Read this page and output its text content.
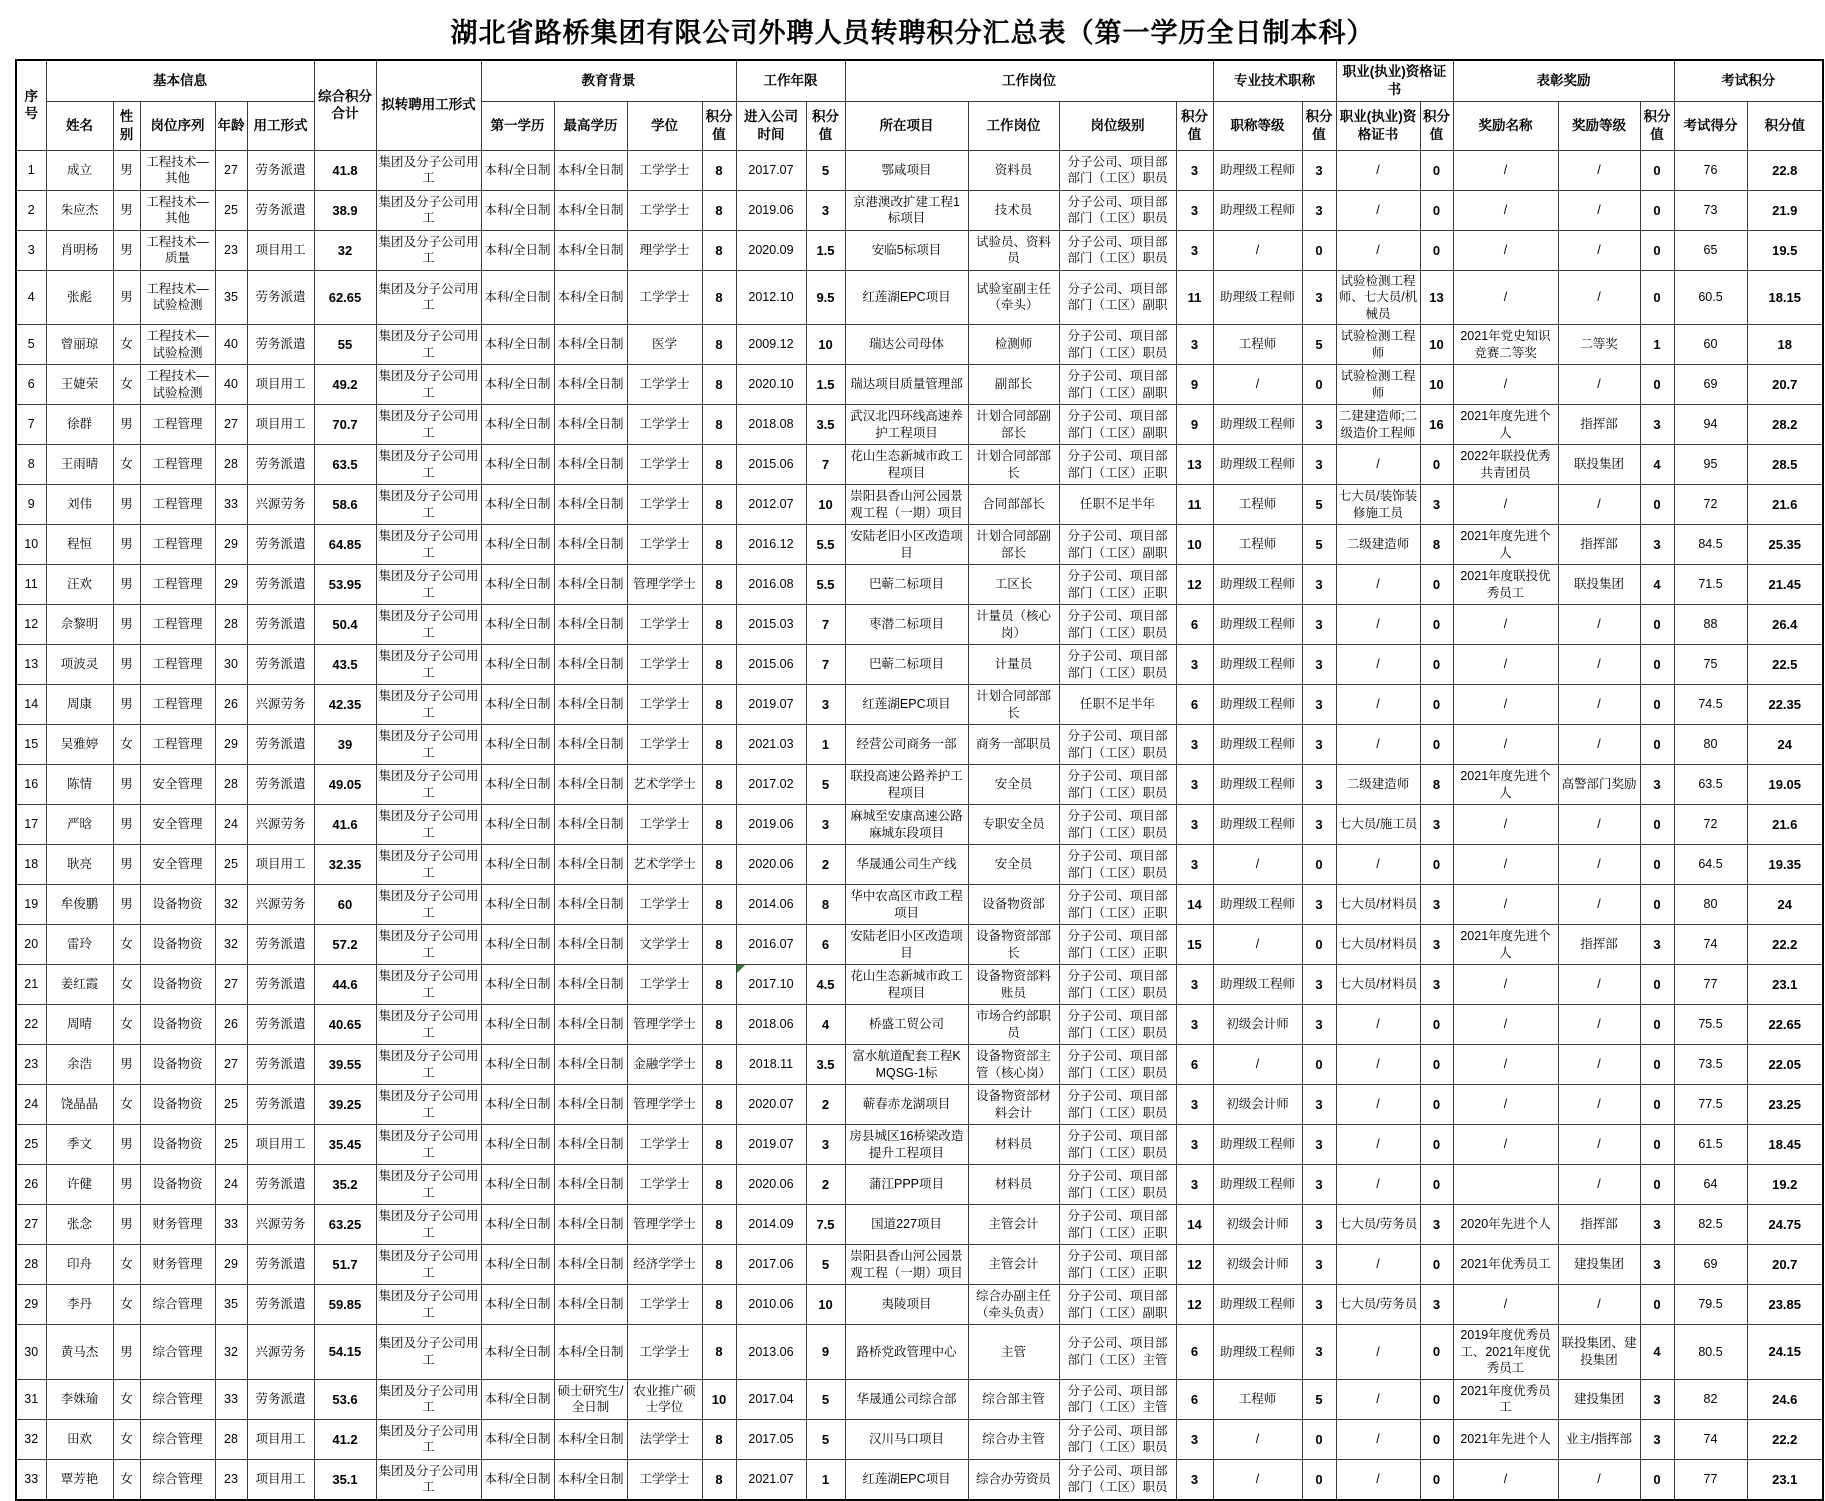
湖北省路桥集团有限公司外聘人员转聘积分汇总表（第一学历全日制本科）
序号	基本信息					综合积分合计	拟转聘用工形式	教育背景				工作年限		工作岗位				专业技术职称		职业(执业)资格证书		表彰奖励			考试积分	
	姓名	性别	岗位序列	年龄	用工形式			第一学历	最高学历	学位	积分值	进入公司时间	积分值	所在项目	工作岗位	岗位级别	积分值	职称等级	积分值	职业(执业)资格证书	积分值	奖励名称	奖励等级	积分值	考试得分	积分值
1	成立	男	工程技术—其他	27	劳务派遣	41.8	集团及分子公司用工	本科/全日制	本科/全日制	工学学士	8	2017.07	5	鄂咸项目	资料员	分子公司、项目部部门（工区）职员	3	助理级工程师	3	/	0	/	/	0	76	22.8
2	朱应杰	男	工程技术—其他	25	劳务派遣	38.9	集团及分子公司用工	本科/全日制	本科/全日制	工学学士	8	2019.06	3	京港澳改扩建工程1标项目	技术员	分子公司、项目部部门（工区）职员	3	助理级工程师	3	/	0	/	/	0	73	21.9
3	肖明杨	男	工程技术—质量	23	项目用工	32	集团及分子公司用工	本科/全日制	本科/全日制	理学学士	8	2020.09	1.5	安临5标项目	试验员、资料员	分子公司、项目部部门（工区）职员	3	/	0	/	0	/	/	0	65	19.5
4	张彪	男	工程技术—试验检测	35	劳务派遣	62.65	集团及分子公司用工	本科/全日制	本科/全日制	工学学士	8	2012.10	9.5	红莲湖EPC项目	试验室副主任（牵头）	分子公司、项目部部门（工区）副职	11	助理级工程师	3	试验检测工程师、七大员/机械员	13	/	/	0	60.5	18.15
5	曾丽琼	女	工程技术—试验检测	40	劳务派遣	55	集团及分子公司用工	本科/全日制	本科/全日制	医学	8	2009.12	10	瑞达公司母体	检测师	分子公司、项目部部门（工区）职员	3	工程师	5	试验检测工程师	10	2021年党史知识竞赛二等奖	二等奖	1	60	18
6	王婕荣	女	工程技术—试验检测	40	项目用工	49.2	集团及分子公司用工	本科/全日制	本科/全日制	工学学士	8	2020.10	1.5	瑞达项目质量管理部	副部长	分子公司、项目部部门（工区）副职	9	/	0	试验检测工程师	10	/	/	0	69	20.7
7	徐群	男	工程管理	27	项目用工	70.7	集团及分子公司用工	本科/全日制	本科/全日制	工学学士	8	2018.08	3.5	武汉北四环线高速养护工程项目	计划合同部副部长	分子公司、项目部部门（工区）副职	9	助理级工程师	3	二建建造师;二级造价工程师	16	2021年度先进个人	指挥部	3	94	28.2
8	王雨晴	女	工程管理	28	劳务派遣	63.5	集团及分子公司用工	本科/全日制	本科/全日制	工学学士	8	2015.06	7	花山生态新城市政工程项目	计划合同部部长	分子公司、项目部部门（工区）正职	13	助理级工程师	3	/	0	2022年联投优秀共青团员	联投集团	4	95	28.5
9	刘伟	男	工程管理	33	兴源劳务	58.6	集团及分子公司用工	本科/全日制	本科/全日制	工学学士	8	2012.07	10	崇阳县香山河公园景观工程（一期）项目	合同部部长	任职不足半年	11	工程师	5	七大员/装饰装修施工员	3	/	/	0	72	21.6
10	程恒	男	工程管理	29	劳务派遣	64.85	集团及分子公司用工	本科/全日制	本科/全日制	工学学士	8	2016.12	5.5	安陆老旧小区改造项目	计划合同部副部长	分子公司、项目部部门（工区）副职	10	工程师	5	二级建造师	8	2021年度先进个人	指挥部	3	84.5	25.35
11	汪欢	男	工程管理	29	劳务派遣	53.95	集团及分子公司用工	本科/全日制	本科/全日制	管理学学士	8	2016.08	5.5	巴蕲二标项目	工区长	分子公司、项目部部门（工区）正职	12	助理级工程师	3	/	0	2021年度联投优秀员工	联投集团	4	71.5	21.45
12	佘黎明	男	工程管理	28	劳务派遣	50.4	集团及分子公司用工	本科/全日制	本科/全日制	工学学士	8	2015.03	7	枣潜二标项目	计量员（核心岗）	分子公司、项目部部门（工区）职员	6	助理级工程师	3	/	0	/	/	0	88	26.4
13	项波灵	男	工程管理	30	劳务派遣	43.5	集团及分子公司用工	本科/全日制	本科/全日制	工学学士	8	2015.06	7	巴蕲二标项目	计量员	分子公司、项目部部门（工区）职员	3	助理级工程师	3	/	0	/	/	0	75	22.5
14	周康	男	工程管理	26	兴源劳务	42.35	集团及分子公司用工	本科/全日制	本科/全日制	工学学士	8	2019.07	3	红莲湖EPC项目	计划合同部部长	任职不足半年	6	助理级工程师	3	/	0	/	/	0	74.5	22.35
15	吴雅婷	女	工程管理	29	劳务派遣	39	集团及分子公司用工	本科/全日制	本科/全日制	工学学士	8	2021.03	1	经营公司商务一部	商务一部职员	分子公司、项目部部门（工区）职员	3	助理级工程师	3	/	0	/	/	0	80	24
16	陈情	男	安全管理	28	劳务派遣	49.05	集团及分子公司用工	本科/全日制	本科/全日制	艺术学学士	8	2017.02	5	联投高速公路养护工程项目	安全员	分子公司、项目部部门（工区）职员	3	助理级工程师	3	二级建造师	8	2021年度先进个人	高警部门奖励	3	63.5	19.05
17	严晗	男	安全管理	24	兴源劳务	41.6	集团及分子公司用工	本科/全日制	本科/全日制	工学学士	8	2019.06	3	麻城至安康高速公路麻城东段项目	专职安全员	分子公司、项目部部门（工区）职员	3	助理级工程师	3	七大员/施工员	3	/	/	0	72	21.6
18	耿亮	男	安全管理	25	项目用工	32.35	集团及分子公司用工	本科/全日制	本科/全日制	艺术学学士	8	2020.06	2	华晟通公司生产线	安全员	分子公司、项目部部门（工区）职员	3	/	0	/	0	/	/	0	64.5	19.35
19	牟俊鹏	男	设备物资	32	兴源劳务	60	集团及分子公司用工	本科/全日制	本科/全日制	工学学士	8	2014.06	8	华中农高区市政工程项目	设备物资部	分子公司、项目部部门（工区）正职	14	助理级工程师	3	七大员/材料员	3	/	/	0	80	24
20	雷玲	女	设备物资	32	劳务派遣	57.2	集团及分子公司用工	本科/全日制	本科/全日制	文学学士	8	2016.07	6	安陆老旧小区改造项目	设备物资部部长	分子公司、项目部部门（工区）正职	15	/	0	七大员/材料员	3	2021年度先进个人	指挥部	3	74	22.2
21	姜红霞	女	设备物资	27	劳务派遣	44.6	集团及分子公司用工	本科/全日制	本科/全日制	工学学士	8	2017.10	4.5	花山生态新城市政工程项目	设备物资部料账员	分子公司、项目部部门（工区）职员	3	助理级工程师	3	七大员/材料员	3	/	/	0	77	23.1
22	周晴	女	设备物资	26	劳务派遣	40.65	集团及分子公司用工	本科/全日制	本科/全日制	管理学学士	8	2018.06	4	桥盛工贸公司	市场合约部职员	分子公司、项目部部门（工区）职员	3	初级会计师	3	/	0	/	/	0	75.5	22.65
23	余浩	男	设备物资	27	劳务派遣	39.55	集团及分子公司用工	本科/全日制	本科/全日制	金融学学士	8	2018.11	3.5	富水航道配套工程KMQSG-1标	设备物资部主管（核心岗）	分子公司、项目部部门（工区）职员	6	/	0	/	0	/	/	0	73.5	22.05
24	饶晶晶	女	设备物资	25	劳务派遣	39.25	集团及分子公司用工	本科/全日制	本科/全日制	管理学学士	8	2020.07	2	蕲春赤龙湖项目	设备物资部材料会计	分子公司、项目部部门（工区）职员	3	初级会计师	3	/	0	/	/	0	77.5	23.25
25	季文	男	设备物资	25	项目用工	35.45	集团及分子公司用工	本科/全日制	本科/全日制	工学学士	8	2019.07	3	房县城区16桥梁改造提升工程项目	材料员	分子公司、项目部部门（工区）职员	3	助理级工程师	3	/	0	/	/	0	61.5	18.45
26	许健	男	设备物资	24	劳务派遣	35.2	集团及分子公司用工	本科/全日制	本科/全日制	工学学士	8	2020.06	2	蒲江PPP项目	材料员	分子公司、项目部部门（工区）职员	3	助理级工程师	3	/	0		/	0	64	19.2
27	张念	男	财务管理	33	兴源劳务	63.25	集团及分子公司用工	本科/全日制	本科/全日制	管理学学士	8	2014.09	7.5	国道227项目	主管会计	分子公司、项目部部门（工区）正职	14	初级会计师	3	七大员/劳务员	3	2020年先进个人	指挥部	3	82.5	24.75
28	印舟	女	财务管理	29	劳务派遣	51.7	集团及分子公司用工	本科/全日制	本科/全日制	经济学学士	8	2017.06	5	崇阳县香山河公园景观工程（一期）项目	主管会计	分子公司、项目部部门（工区）正职	12	初级会计师	3	/	0	2021年优秀员工	建投集团	3	69	20.7
29	李丹	女	综合管理	35	劳务派遣	59.85	集团及分子公司用工	本科/全日制	本科/全日制	工学学士	8	2010.06	10	夷陵项目	综合办副主任（牵头负责）	分子公司、项目部部门（工区）副职	12	助理级工程师	3	七大员/劳务员	3	/	/	0	79.5	23.85
30	黄马杰	男	综合管理	32	兴源劳务	54.15	集团及分子公司用工	本科/全日制	本科/全日制	工学学士	8	2013.06	9	路桥党政管理中心	主管	分子公司、项目部部门（工区）主管	6	助理级工程师	3	/	0	2019年度优秀员工、2021年度优秀员工	联投集团、建投集团	4	80.5	24.15
31	李姝瑜	女	综合管理	33	劳务派遣	53.6	集团及分子公司用工	本科/全日制	硕士研究生/全日制	农业推广硕士学位	10	2017.04	5	华晟通公司综合部	综合部主管	分子公司、项目部部门（工区）主管	6	工程师	5	/	0	2021年度优秀员工	建投集团	3	82	24.6
32	田欢	女	综合管理	28	项目用工	41.2	集团及分子公司用工	本科/全日制	本科/全日制	法学学士	8	2017.05	5	汉川马口项目	综合办主管	分子公司、项目部部门（工区）职员	3	/	0	/	0	2021年先进个人	业主/指挥部	3	74	22.2
33	覃芳艳	女	综合管理	23	项目用工	35.1	集团及分子公司用工	本科/全日制	本科/全日制	工学学士	8	2021.07	1	红莲湖EPC项目	综合办劳资员	分子公司、项目部部门（工区）职员	3	/	0	/	0	/	/	0	77	23.1
